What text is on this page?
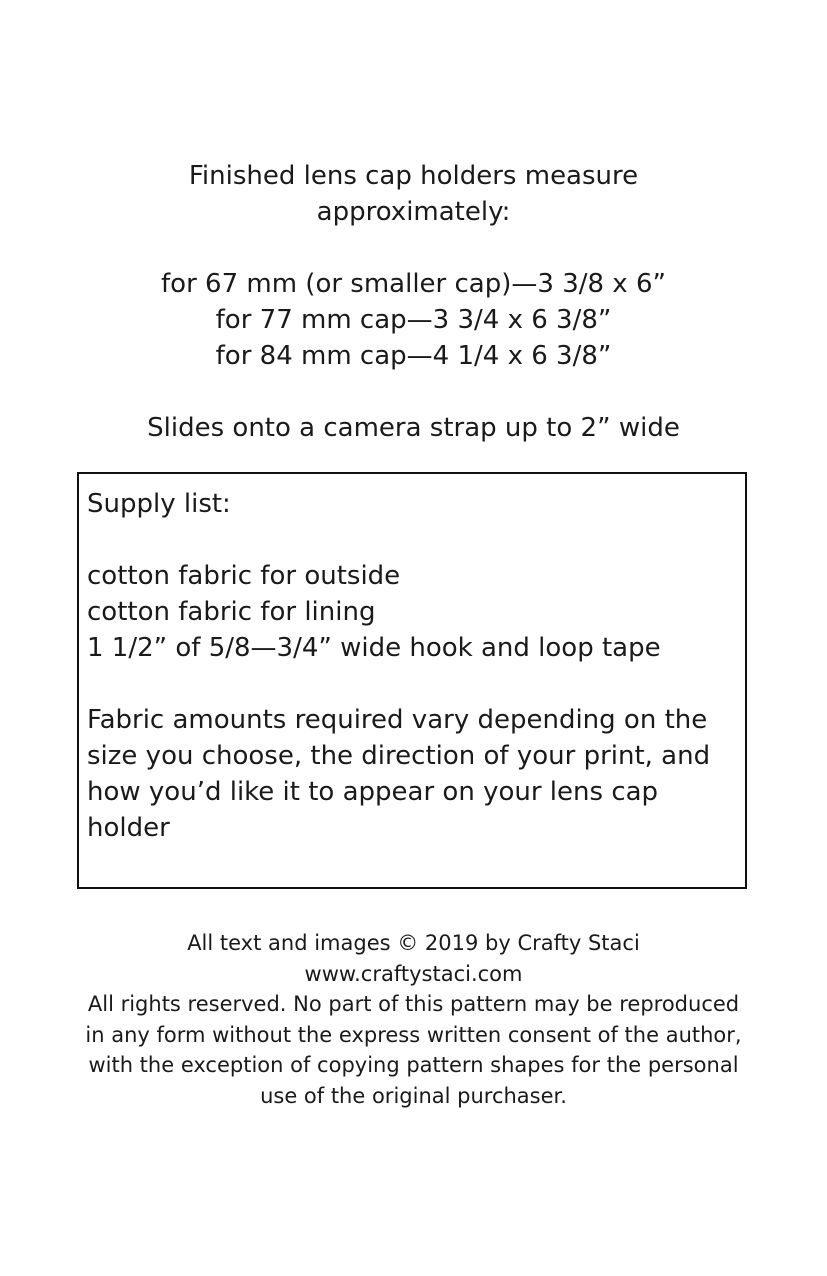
Finished lens cap holders measure

approximately:

for 67 mm (or smaller cap)—3 3/8 x 6”

for 77 mm cap—3 3/4 x 6 3/8”

for 84 mm cap—4 1/4 x 6 3/8”

Slides onto a camera strap up to 2” wide

Supply list:

cotton fabric for outside
cotton fabric for lining
1 1/2” of 5/8—3/4” wide hook and loop tape

Fabric amounts required vary depending on the size you choose, the direction of your print, and how you’d like it to appear on your lens cap holder

All text and images © 2019 by Crafty Staci

www.craftystaci.com

All rights reserved. No part of this pattern may be reproduced in any form without the express written consent of the author, with the exception of copying pattern shapes for the personal use of the original purchaser.
